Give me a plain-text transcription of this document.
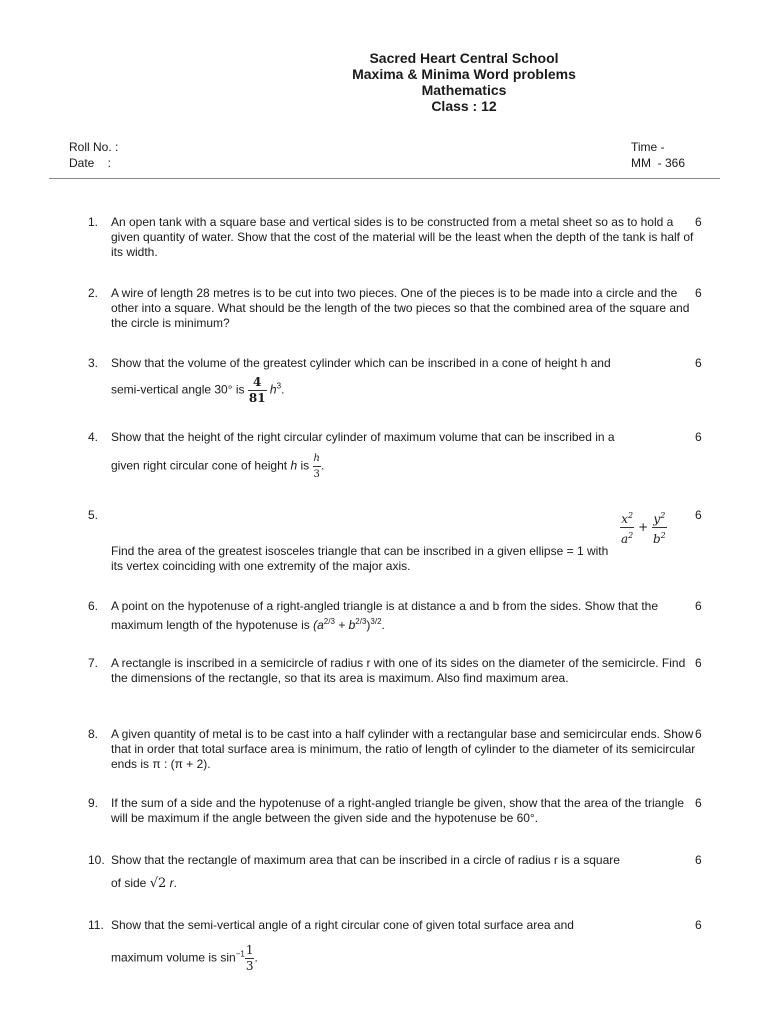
Sacred Heart Central School
Maxima & Minima Word problems
Mathematics
Class : 12
Roll No. :
Date    :
Time -
MM  - 366
1.	An open tank with a square base and vertical sides is to be constructed from a metal sheet so as to hold a given quantity of water. Show that the cost of the material will be the least when the depth of the tank is half of its width.
6
2.	A wire of length 28 metres is to be cut into two pieces. One of the pieces is to be made into a circle and the other into a square. What should be the length of the two pieces so that the combined area of the square and the circle is minimum?
6
3.	Show that the volume of the greatest cylinder which can be inscribed in a cone of height h and
semi-vertical angle 30° is $\frac{4}{81} h^3$.
6
4.	Show that the height of the right circular cylinder of maximum volume that can be inscribed in a
given right circular cone of height h is $\frac{h}{3}$ .
6
5.	$\frac{x^2}{a^2} + \frac{y^2}{b^2}$
Find the area of the greatest isosceles triangle that can be inscribed in a given ellipse = 1 with its vertex coinciding with one extremity of the major axis.
6
6.	A point on the hypotenuse of a right-angled triangle is at distance a and b from the sides. Show that the maximum length of the hypotenuse is $(a^{2/3} + b^{2/3})^{3/2}$.
6
7.	A rectangle is inscribed in a semicircle of radius r with one of its sides on the diameter of the semicircle. Find the dimensions of the rectangle, so that its area is maximum. Also find maximum area.
6
8.	A given quantity of metal is to be cast into a half cylinder with a rectangular base and semicircular ends. Show that in order that total surface area is minimum, the ratio of length of cylinder to the diameter of its semicircular ends is π : (π + 2).
6
9.	If the sum of a side and the hypotenuse of a right-angled triangle be given, show that the area of the triangle will be maximum if the angle between the given side and the hypotenuse be 60°.
6
10. Show that the rectangle of maximum area that can be inscribed in a circle of radius r is a square
of side √2 r.
6
11. Show that the semi-vertical angle of a right circular cone of given total surface area and
maximum volume is $\sin^{-1} \frac{1}{3}$ .
6
